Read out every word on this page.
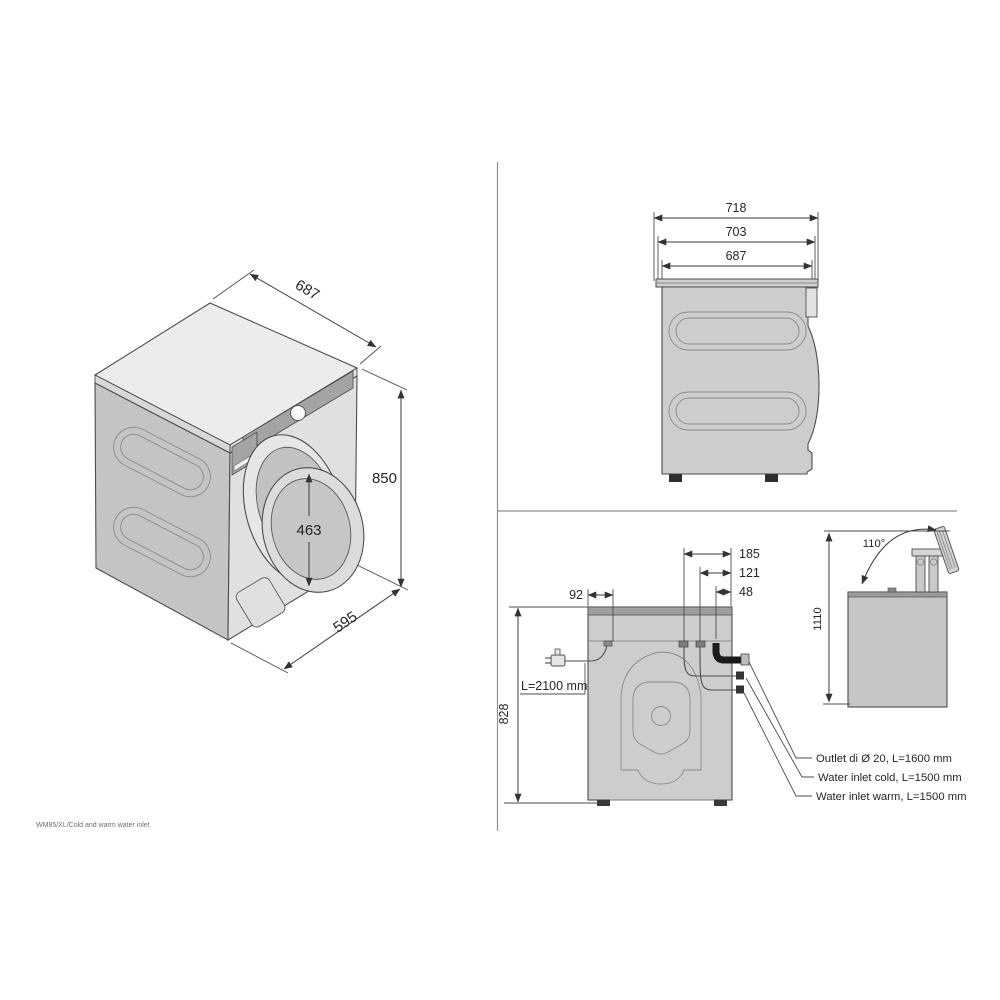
687
850
595
463
718
703
687
L=2100 mm
Outlet di Ø 20, L=1600 mm
Water inlet cold, L=1500 mm
Water inlet warm, L=1500 mm
92
185
121
48
828
110°
1110
WM85/XL/Cold and warm water inlet
